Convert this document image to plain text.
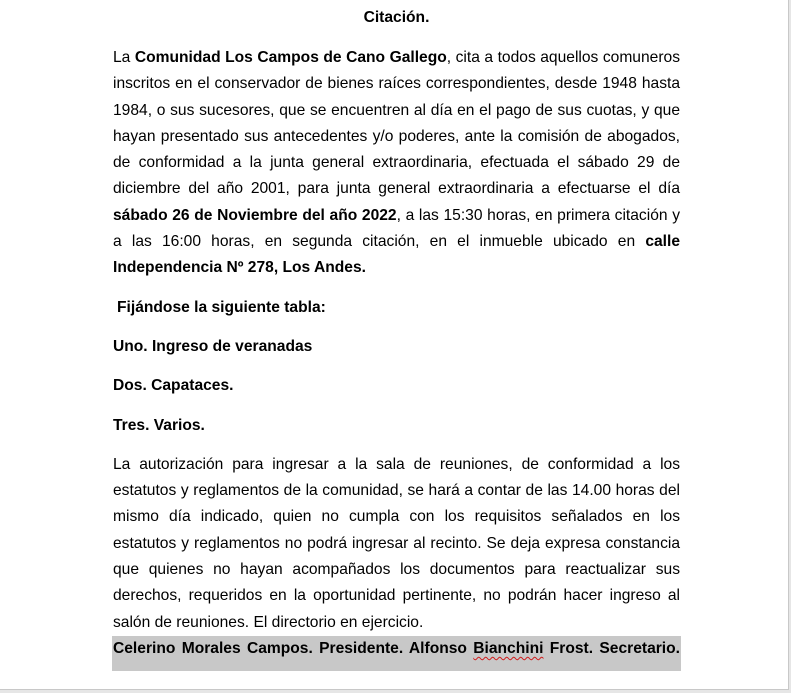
Citación.

La Comunidad Los Campos de Cano Gallego, cita a todos aquellos comuneros inscritos en el conservador de bienes raíces correspondientes, desde 1948 hasta 1984, o sus sucesores, que se encuentren al día en el pago de sus cuotas, y que hayan presentado sus antecedentes y/o poderes, ante la comisión de abogados, de conformidad a la junta general extraordinaria, efectuada el sábado 29 de diciembre del año 2001, para junta general extraordinaria a efectuarse el día sábado 26 de Noviembre del año 2022, a las 15:30 horas, en primera citación y a las 16:00 horas, en segunda citación, en el inmueble ubicado en calle Independencia Nº 278, Los Andes.

Fijándose la siguiente tabla:

Uno. Ingreso de veranadas

Dos. Capataces.

Tres. Varios.

La autorización para ingresar a la sala de reuniones, de conformidad a los estatutos y reglamentos de la comunidad, se hará a contar de las 14.00 horas del mismo día indicado, quien no cumpla con los requisitos señalados en los estatutos y reglamentos no podrá ingresar al recinto. Se deja expresa constancia que quienes no hayan acompañados los documentos para reactualizar sus derechos, requeridos en la oportunidad pertinente, no podrán hacer ingreso al salón de reuniones. El directorio en ejercicio.

Celerino Morales Campos. Presidente. Alfonso Bianchini Frost. Secretario.
